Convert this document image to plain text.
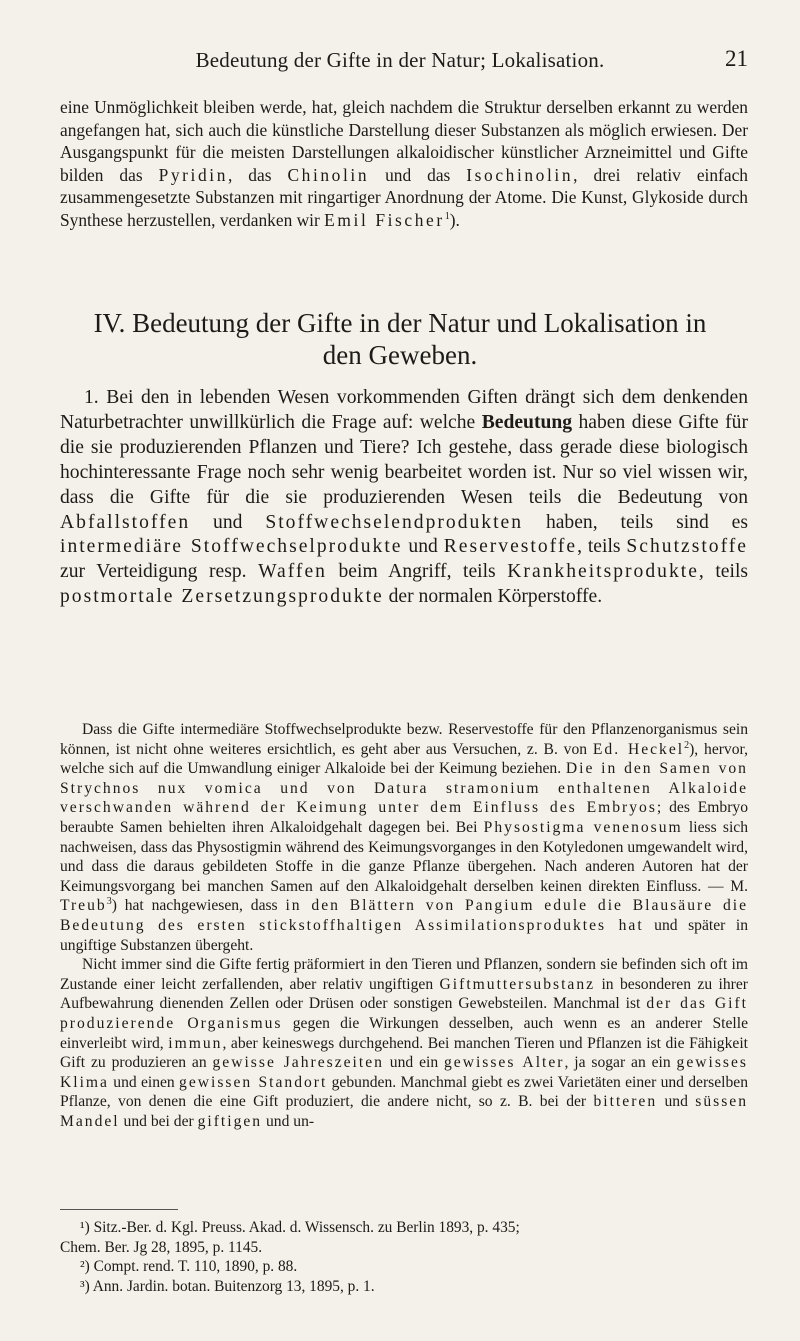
Bedeutung der Gifte in der Natur; Lokalisation.	21

eine Unmöglichkeit bleiben werde, hat, gleich nachdem die Struktur derselben erkannt zu werden angefangen hat, sich auch die künstliche Darstellung dieser Substanzen als möglich erwiesen. Der Ausgangspunkt für die meisten Darstellungen alkaloidischer künstlicher Arzneimittel und Gifte bilden das Pyridin, das Chinolin und das Isochinolin, drei relativ einfach zusammengesetzte Substanzen mit ringartiger Anordnung der Atome. Die Kunst, Glykoside durch Synthese herzustellen, verdanken wir Emil Fischer$^1$).

IV. Bedeutung der Gifte in der Natur und Lokalisation in
den Geweben.

1. Bei den in lebenden Wesen vorkommenden Giften drängt sich dem denkenden Naturbetrachter unwillkürlich die Frage auf: welche Bedeutung haben diese Gifte für die sie produzierenden Pflanzen und Tiere? Ich gestehe, dass gerade diese biologisch hochinteressante Frage noch sehr wenig bearbeitet worden ist. Nur so viel wissen wir, dass die Gifte für die sie produzierenden Wesen teils die Bedeutung von Abfallstoffen und Stoffwechselendprodukten haben, teils sind es intermediäre Stoffwechselprodukte und Reservestoffe, teils Schutzstoffe zur Verteidigung resp. Waffen beim Angriff, teils Krankheitsprodukte, teils postmortale Zersetzungsprodukte der normalen Körperstoffe.

Dass die Gifte intermediäre Stoffwechselprodukte bezw. Reservestoffe für den Pflanzenorganismus sein können, ist nicht ohne weiteres ersichtlich, es geht aber aus Versuchen, z. B. von Ed. Heckel$^2$), hervor, welche sich auf die Umwandlung einiger Alkaloide bei der Keimung beziehen. Die in den Samen von Strychnos nux vomica und von Datura stramonium enthaltenen Alkaloide verschwanden während der Keimung unter dem Einfluss des Embryos; des Embryo beraubte Samen behielten ihren Alkaloidgehalt dagegen bei. Bei Physostigma venenosum liess sich nachweisen, dass das Physostigmin während des Keimungsvorganges in den Kotyledonen umgewandelt wird, und dass die daraus gebildeten Stoffe in die ganze Pflanze übergehen. Nach anderen Autoren hat der Keimungsvorgang bei manchen Samen auf den Alkaloidgehalt derselben keinen direkten Einfluss. — M. Treub$^3$) hat nachgewiesen, dass in den Blättern von Pangium edule die Blausäure die Bedeutung des ersten stickstoffhaltigen Assimilationsproduktes hat und später in ungiftige Substanzen übergeht.

Nicht immer sind die Gifte fertig präformiert in den Tieren und Pflanzen, sondern sie befinden sich oft im Zustande einer leicht zerfallenden, aber relativ ungiftigen Giftmuttersubstanz in besonderen zu ihrer Aufbewahrung dienenden Zellen oder Drüsen oder sonstigen Gewebsteilen. Manchmal ist der das Gift produzierende Organismus gegen die Wirkungen desselben, auch wenn es an anderer Stelle einverleibt wird, immun, aber keineswegs durchgehend. Bei manchen Tieren und Pflanzen ist die Fähigkeit Gift zu produzieren an gewisse Jahreszeiten und ein gewisses Alter, ja sogar an ein gewisses Klima und einen gewissen Standort gebunden. Manchmal giebt es zwei Varietäten einer und derselben Pflanze, von denen die eine Gift produziert, die andere nicht, so z. B. bei der bitteren und süssen Mandel und bei der giftigen und un-

¹) Sitz.-Ber. d. Kgl. Preuss. Akad. d. Wissensch. zu Berlin 1893, p. 435;

Chem. Ber. Jg 28, 1895, p. 1145.

²) Compt. rend. T. 110, 1890, p. 88.

³) Ann. Jardin. botan. Buitenzorg 13, 1895, p. 1.
